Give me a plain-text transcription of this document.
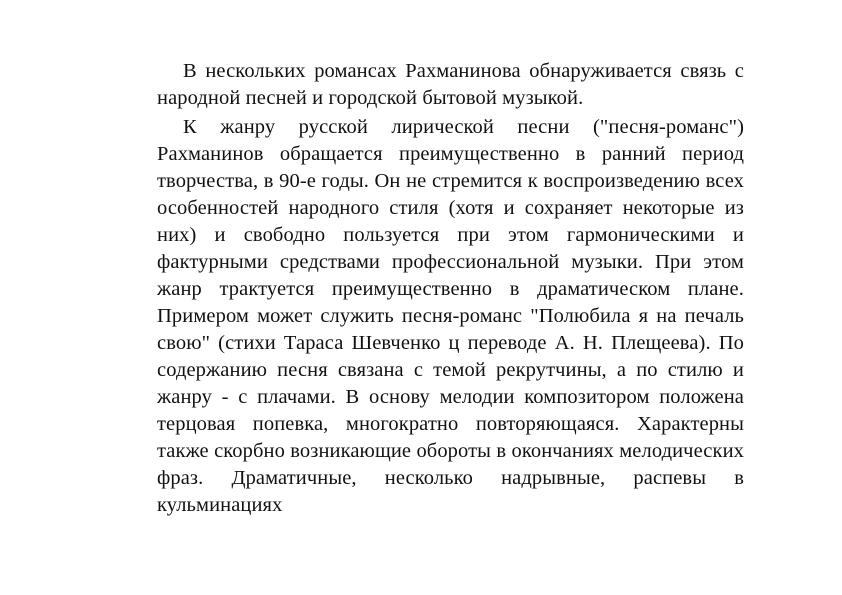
В нескольких романсах Рахманинова обнаруживается связь с народной песней и городской бытовой музыкой.

К жанру русской лирической песни ("песня-романс") Рахманинов обращается преимущественно в ранний период творчества, в 90-е годы. Он не стремится к воспроизведению всех особенностей народного стиля (хотя и сохраняет некоторые из них) и свободно пользуется при этом гармоническими и фактурными средствами профессиональной музыки. При этом жанр трактуется преимущественно в драматическом плане. Примером может служить песня-романс "Полюбила я на печаль свою" (стихи Тараса Шевченко ц переводе А. Н. Плещеева). По содержанию песня связана с темой рекрутчины, а по стилю и жанру - с плачами. В основу мелодии композитором положена терцовая попевка, многократно повторяющаяся. Характерны также скорбно возникающие обороты в окончаниях мелодических фраз. Драматичные, несколько надрывные, распевы в кульминациях
